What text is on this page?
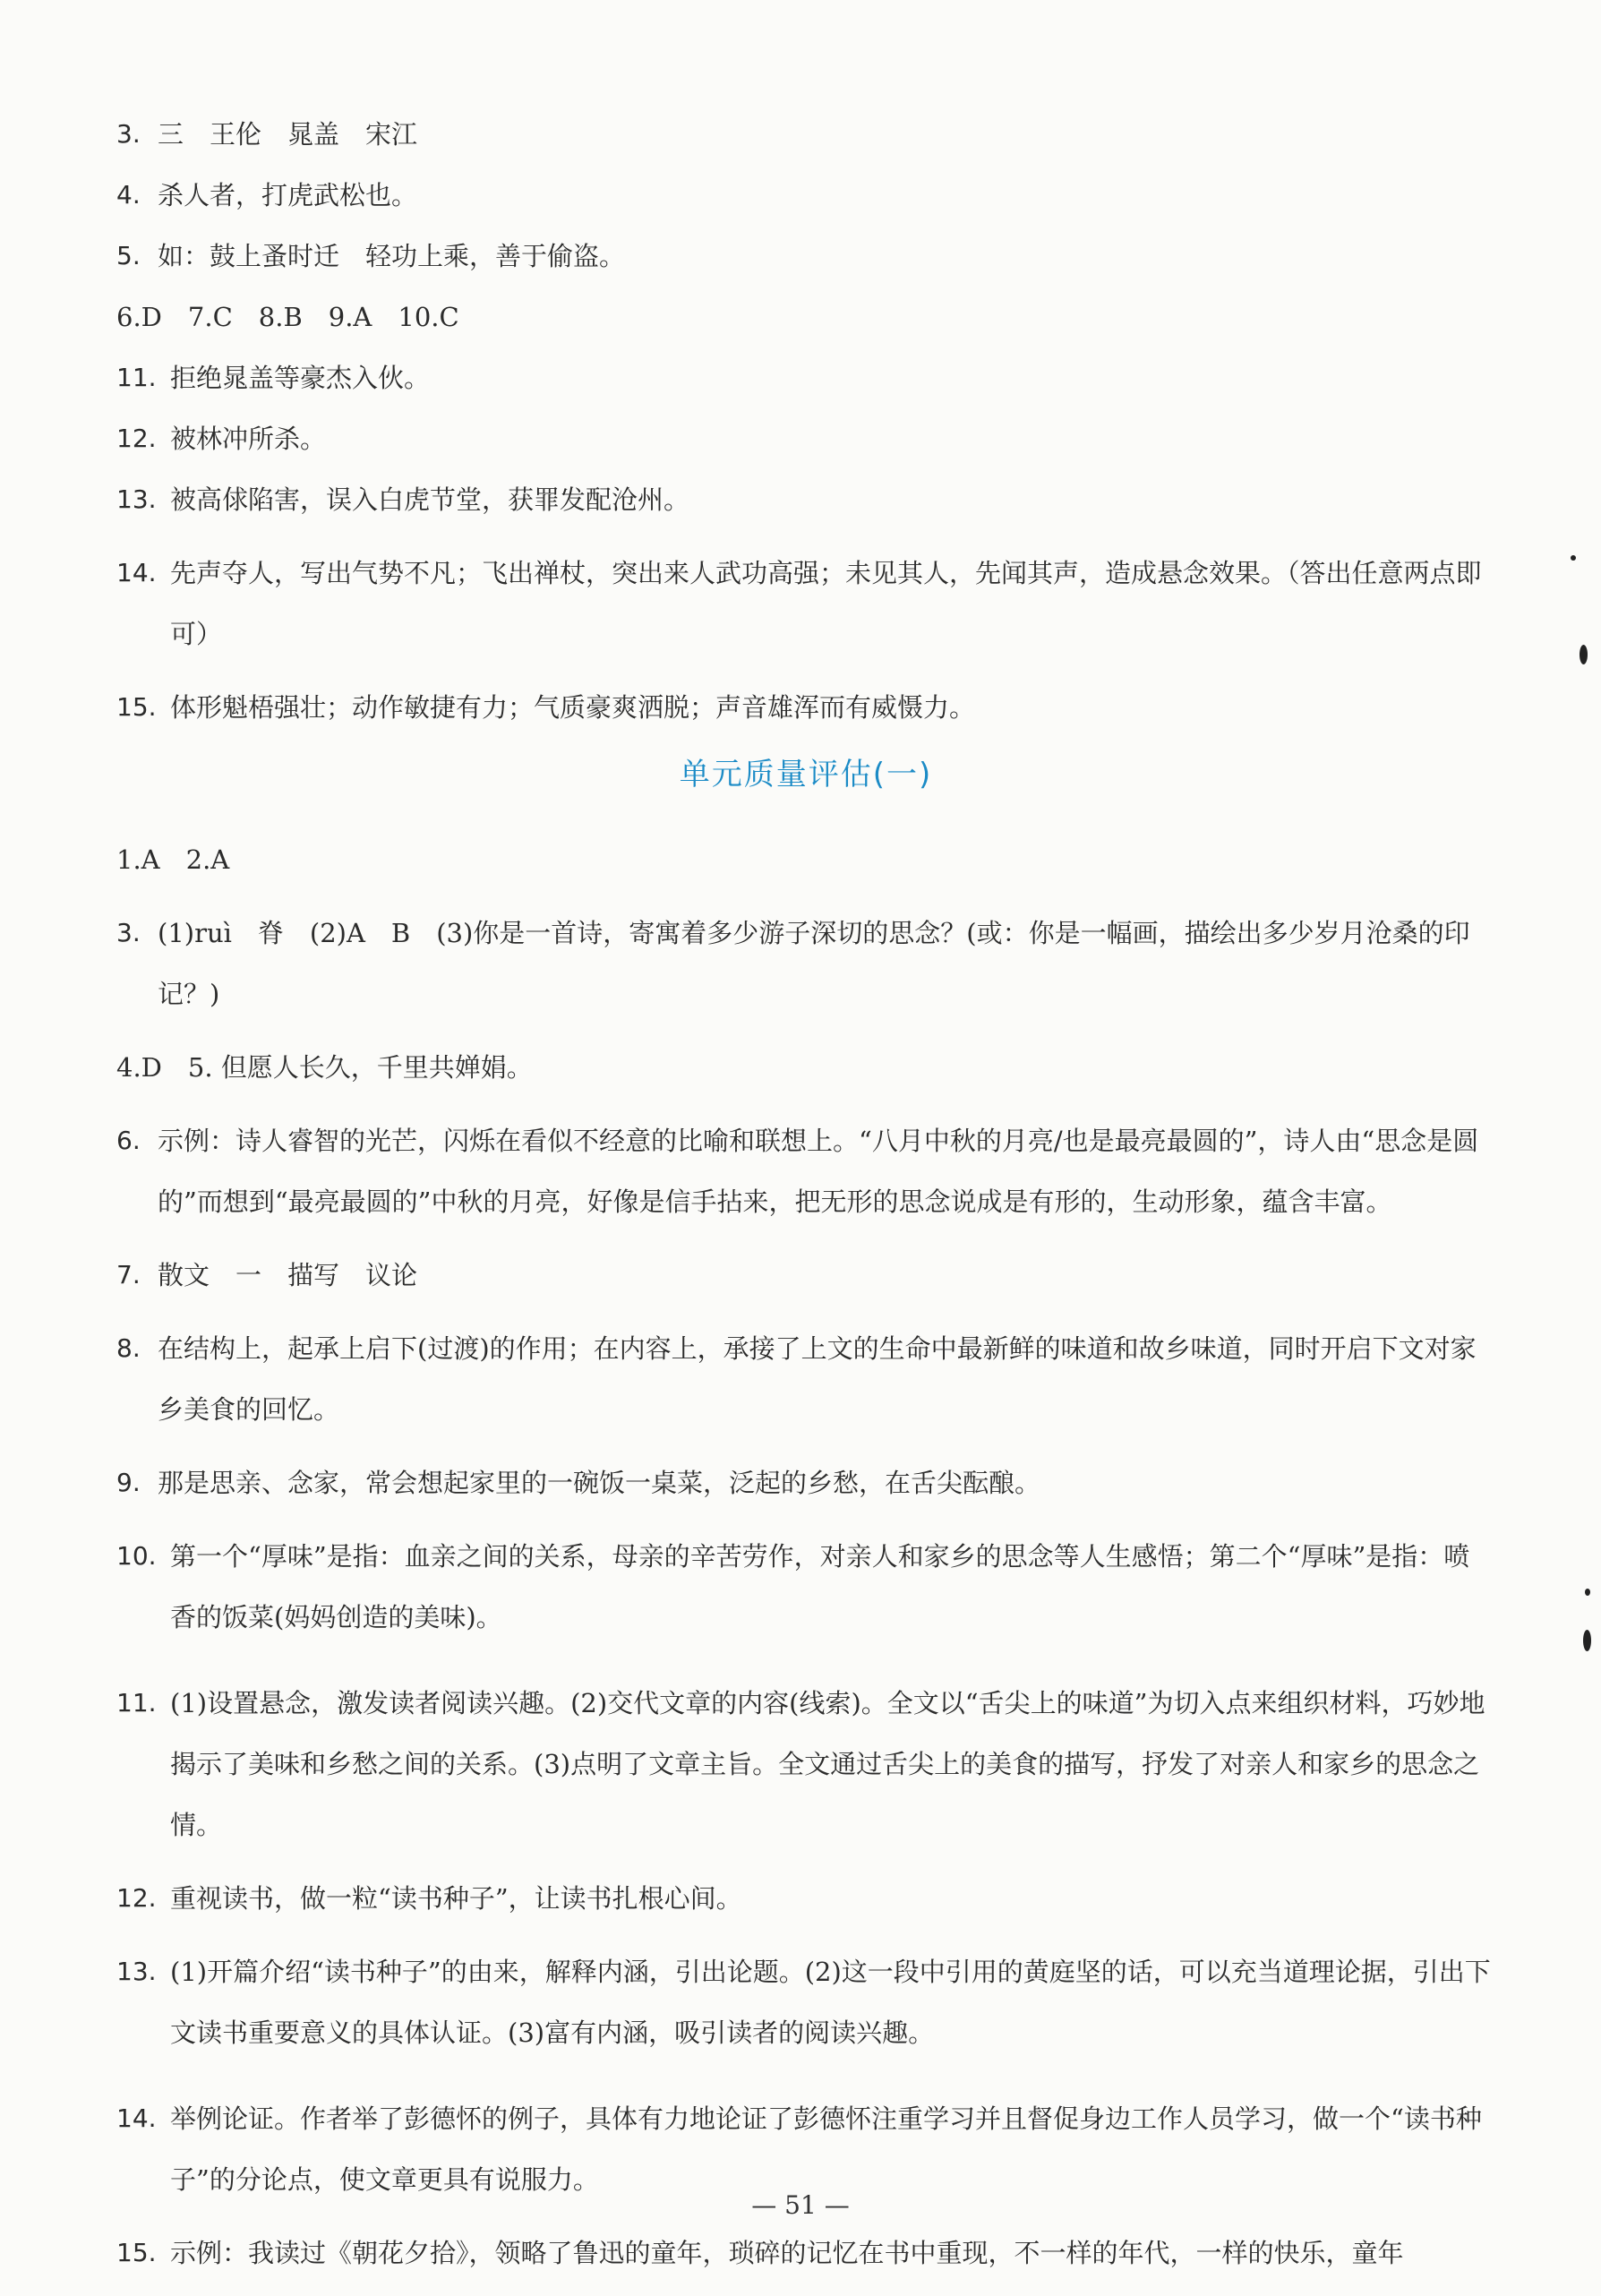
3. 三　王伦　晁盖　宋江
4. 杀人者，打虎武松也。
5. 如：鼓上蚤时迁　轻功上乘，善于偷盗。
6.D　7.C　8.B　9.A　10.C
11. 拒绝晁盖等豪杰入伙。
12. 被林冲所杀。
13. 被高俅陷害，误入白虎节堂，获罪发配沧州。
14. 先声夺人，写出气势不凡；飞出禅杖，突出来人武功高强；未见其人，先闻其声，造成悬念效果。（答出任意两点即可）
15. 体形魁梧强壮；动作敏捷有力；气质豪爽洒脱；声音雄浑而有威慑力。
单元质量评估(一)
1.A　2.A
3. (1)ruì　脊　(2)A　B　(3)你是一首诗，寄寓着多少游子深切的思念？(或：你是一幅画，描绘出多少岁月沧桑的印记？)
4.D　5. 但愿人长久，千里共婵娟。
6. 示例：诗人睿智的光芒，闪烁在看似不经意的比喻和联想上。“八月中秋的月亮/也是最亮最圆的”，诗人由“思念是圆的”而想到“最亮最圆的”中秋的月亮，好像是信手拈来，把无形的思念说成是有形的，生动形象，蕴含丰富。
7. 散文　一　描写　议论
8. 在结构上，起承上启下(过渡)的作用；在内容上，承接了上文的生命中最新鲜的味道和故乡味道，同时开启下文对家乡美食的回忆。
9. 那是思亲、念家，常会想起家里的一碗饭一桌菜，泛起的乡愁，在舌尖酝酿。
10. 第一个“厚味”是指：血亲之间的关系，母亲的辛苦劳作，对亲人和家乡的思念等人生感悟；第二个“厚味”是指：喷香的饭菜(妈妈创造的美味)。
11. (1)设置悬念，激发读者阅读兴趣。(2)交代文章的内容(线索)。全文以“舌尖上的味道”为切入点来组织材料，巧妙地揭示了美味和乡愁之间的关系。(3)点明了文章主旨。全文通过舌尖上的美食的描写，抒发了对亲人和家乡的思念之情。
12. 重视读书，做一粒“读书种子”，让读书扎根心间。
13. (1)开篇介绍“读书种子”的由来，解释内涵，引出论题。(2)这一段中引用的黄庭坚的话，可以充当道理论据，引出下文读书重要意义的具体认证。(3)富有内涵，吸引读者的阅读兴趣。
14. 举例论证。作者举了彭德怀的例子，具体有力地论证了彭德怀注重学习并且督促身边工作人员学习，做一个“读书种子”的分论点，使文章更具有说服力。
15. 示例：我读过《朝花夕拾》，领略了鲁迅的童年，琐碎的记忆在书中重现，不一样的年代，一样的快乐，童年
— 51 —
